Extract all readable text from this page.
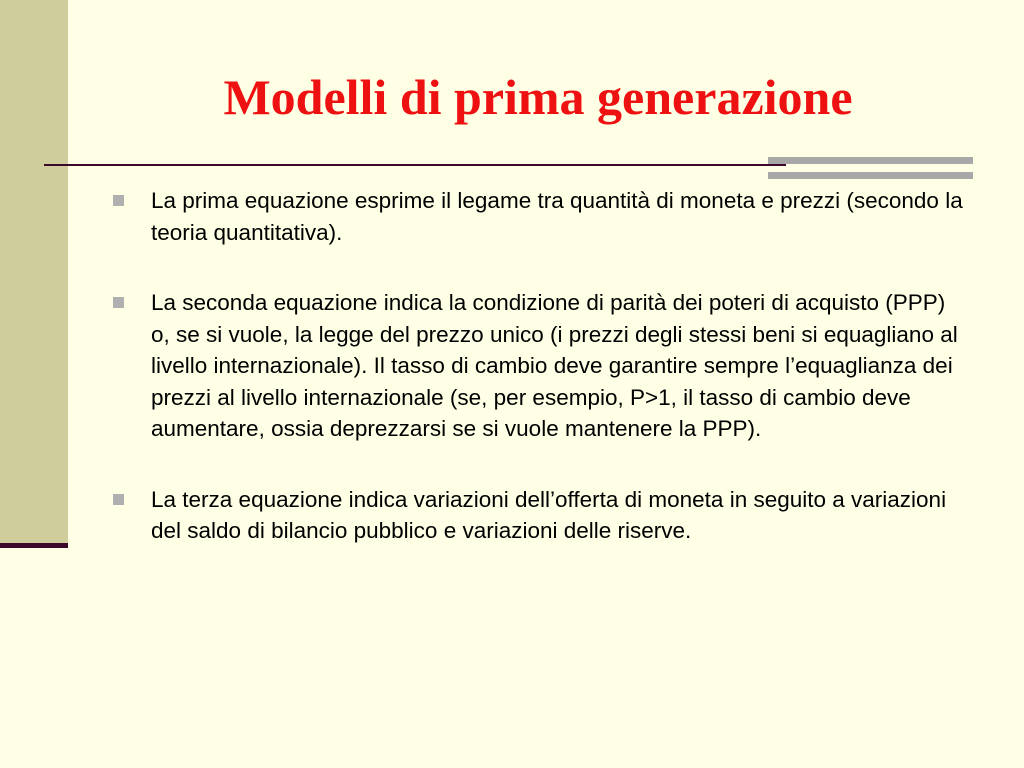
Modelli di prima generazione
La prima equazione esprime il legame tra quantità di moneta e prezzi (secondo la teoria quantitativa).
La seconda equazione indica la condizione di parità dei poteri di acquisto (PPP) o, se si vuole, la legge del prezzo unico (i prezzi degli stessi beni si equagliano al livello internazionale). Il tasso di cambio deve garantire sempre l’equaglianza dei prezzi al livello internazionale (se, per esempio, P>1, il tasso di cambio deve aumentare, ossia deprezzarsi se si vuole mantenere la PPP).
La terza equazione indica variazioni dell’offerta di moneta in seguito a variazioni del saldo di bilancio pubblico e variazioni delle riserve.
